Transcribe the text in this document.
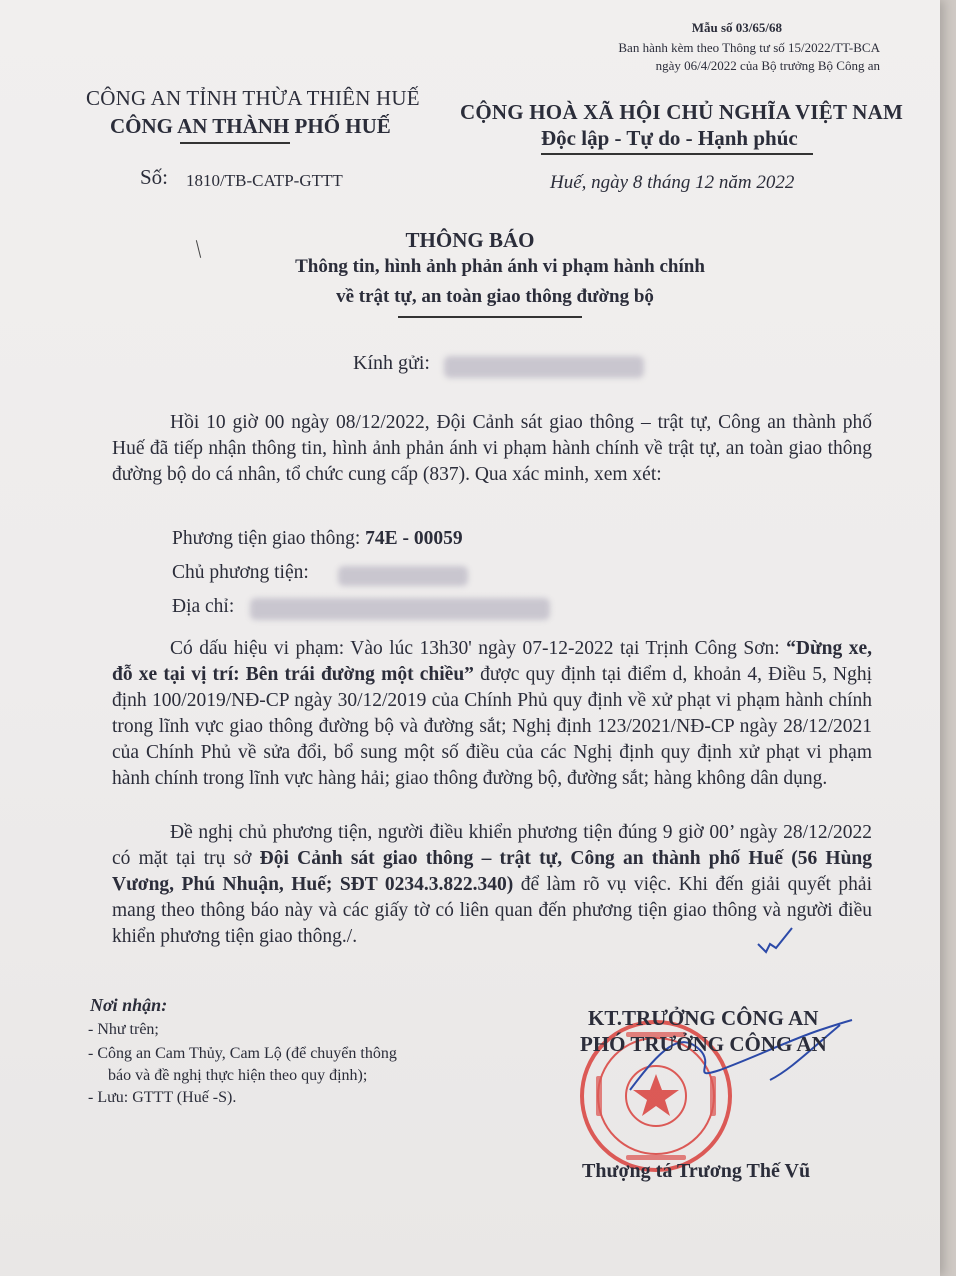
Mẫu số 03/65/68
Ban hành kèm theo Thông tư số 15/2022/TT-BCA
ngày 06/4/2022 của Bộ trưởng Bộ Công an
CÔNG AN TỈNH THỪA THIÊN HUẾ
CÔNG AN THÀNH PHỐ HUẾ
CỘNG HOÀ XÃ HỘI CHỦ NGHĨA VIỆT NAM
Độc lập - Tự do - Hạnh phúc
Số: 1810/TB-CATP-GTTT	Huế, ngày 8 tháng 12 năm 2022
THÔNG BÁO
Thông tin, hình ảnh phản ánh vi phạm hành chính
về trật tự, an toàn giao thông đường bộ
Kính gửi:
Hồi 10 giờ 00 ngày 08/12/2022, Đội Cảnh sát giao thông – trật tự, Công an thành phố Huế đã tiếp nhận thông tin, hình ảnh phản ánh vi phạm hành chính về trật tự, an toàn giao thông đường bộ do cá nhân, tổ chức cung cấp (837). Qua xác minh, xem xét:
Phương tiện giao thông: 74E - 00059
Chủ phương tiện:
Địa chỉ:
Có dấu hiệu vi phạm: Vào lúc 13h30' ngày 07-12-2022 tại Trịnh Công Sơn: “Dừng xe, đỗ xe tại vị trí: Bên trái đường một chiều” được quy định tại điểm d, khoản 4, Điều 5, Nghị định 100/2019/NĐ-CP ngày 30/12/2019 của Chính Phủ quy định về xử phạt vi phạm hành chính trong lĩnh vực giao thông đường bộ và đường sắt; Nghị định 123/2021/NĐ-CP ngày 28/12/2021 của Chính Phủ về sửa đổi, bổ sung một số điều của các Nghị định quy định xử phạt vi phạm hành chính trong lĩnh vực hàng hải; giao thông đường bộ, đường sắt; hàng không dân dụng.
Đề nghị chủ phương tiện, người điều khiển phương tiện đúng 9 giờ 00’ ngày 28/12/2022 có mặt tại trụ sở Đội Cảnh sát giao thông – trật tự, Công an thành phố Huế (56 Hùng Vương, Phú Nhuận, Huế; SĐT 0234.3.822.340) để làm rõ vụ việc. Khi đến giải quyết phải mang theo thông báo này và các giấy tờ có liên quan đến phương tiện giao thông và người điều khiển phương tiện giao thông./.
Nơi nhận:
- Như trên;
- Công an Cam Thủy, Cam Lộ (để chuyển thông
báo và đề nghị thực hiện theo quy định);
- Lưu: GTTT (Huế -S).
KT.TRƯỞNG CÔNG AN
PHÓ TRƯỞNG CÔNG AN
Thượng tá Trương Thế Vũ
